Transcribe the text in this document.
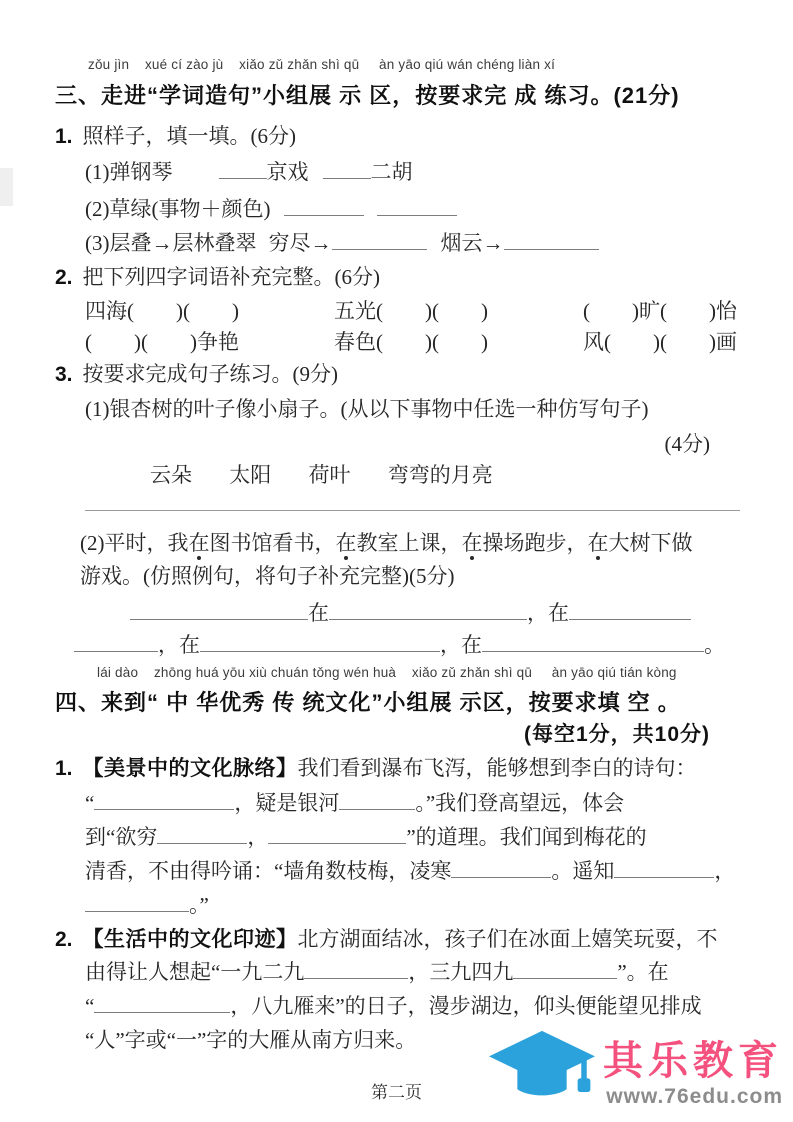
zǒu jìn    xué cí zào jù    xiǎo zǔ zhǎn shì qū     àn yāo qiú wán chéng liàn xí
三、走进“学词造句”小组展 示 区，按要求完 成 练习。(21分)
1. 照样子，填一填。(6分)
(1)弹钢琴	京戏	二胡
(2)草绿(事物＋颜色)
(3)层叠→层林叠翠 穷尽→	烟云→
2. 把下列四字词语补充完整。(6分)
四海(　　)(　　)	五光(　　)(　　)	(　　)旷(　　)怡
(　　)(　　)争艳	春色(　　)(　　)	风(　　)(　　)画
3. 按要求完成句子练习。(9分)
(1)银杏树的叶子像小扇子。(从以下事物中任选一种仿写句子)
(4分)
云朵 太阳 荷叶 弯弯的月亮
(2)平时，我在图书馆看书，在教室上课，在操场跑步，在大树下做
游戏。(仿照例句，将句子补充完整)(5分)
在	，在
，在	，在	。
lái dào    zhōng huá yōu xiù chuán tǒng wén huà    xiǎo zǔ zhǎn shì qū     àn yāo qiú tián kòng
四、来到“ 中 华优秀 传 统文化”小组展 示区，按要求填 空 。
(每空1分，共10分)
1. 【美景中的文化脉络】我们看到瀑布飞泻，能够想到李白的诗句：
“	，疑是银河	。”我们登高望远，体会
到“欲穷	，	”的道理。我们闻到梅花的
清香，不由得吟诵：“墙角数枝梅，凌寒	。遥知	，
。”
2. 【生活中的文化印迹】北方湖面结冰，孩子们在冰面上嬉笑玩耍，不
由得让人想起“一九二九	，三九四九	”。在
“	，八九雁来”的日子，漫步湖边，仰头便能望见排成
“人”字或“一”字的大雁从南方归来。
第二页
其乐教育
www.76edu.com
